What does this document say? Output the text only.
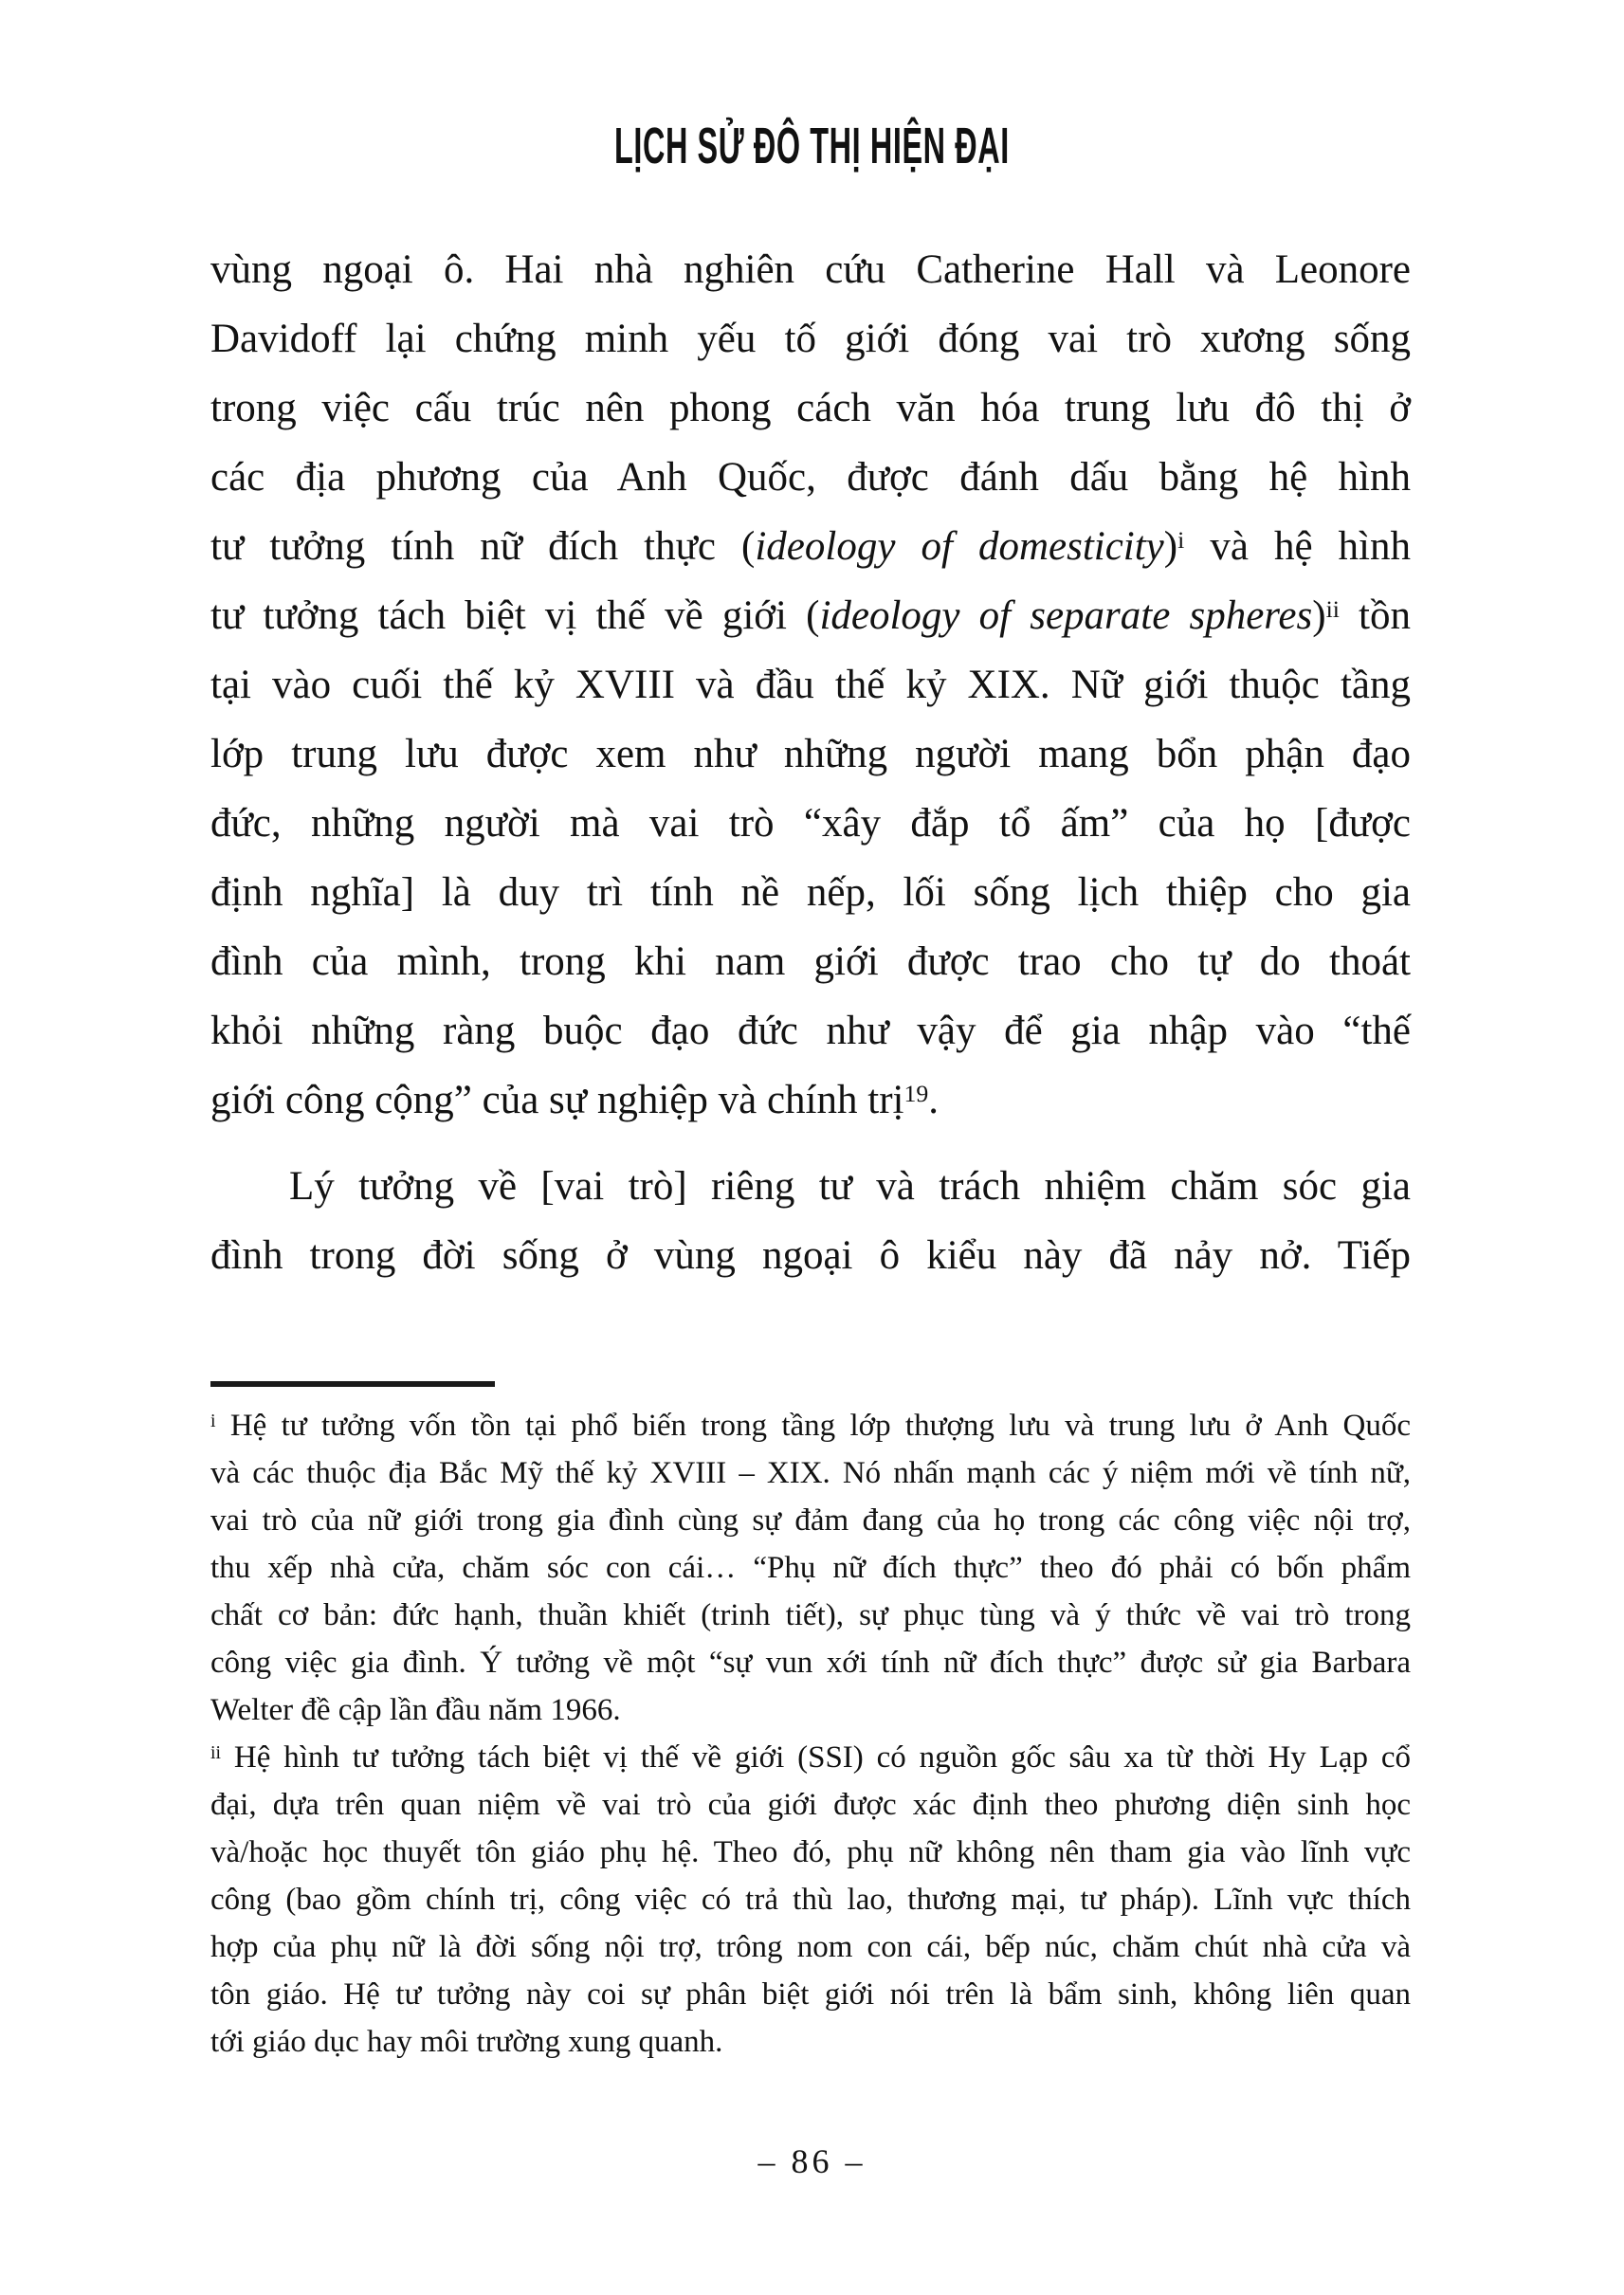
LỊCH SỬ ĐÔ THỊ HIỆN ĐẠI
vùng ngoại ô. Hai nhà nghiên cứu Catherine Hall và Leonore
Davidoff lại chứng minh yếu tố giới đóng vai trò xương sống
trong việc cấu trúc nên phong cách văn hóa trung lưu đô thị ở
các địa phương của Anh Quốc, được đánh dấu bằng hệ hình
tư tưởng tính nữ đích thực (ideology of domesticity)$^i$ và hệ hình
tư tưởng tách biệt vị thế về giới (ideology of separate spheres)$^{ii}$ tồn
tại vào cuối thế kỷ XVIII và đầu thế kỷ XIX. Nữ giới thuộc tầng
lớp trung lưu được xem như những người mang bổn phận đạo
đức, những người mà vai trò “xây đắp tổ ấm” của họ [được
định nghĩa] là duy trì tính nề nếp, lối sống lịch thiệp cho gia
đình của mình, trong khi nam giới được trao cho tự do thoát
khỏi những ràng buộc đạo đức như vậy để gia nhập vào “thế
giới công cộng” của sự nghiệp và chính trị$^{19}$.
Lý tưởng về [vai trò] riêng tư và trách nhiệm chăm sóc gia
đình trong đời sống ở vùng ngoại ô kiểu này đã nảy nở. Tiếp
$^i$ Hệ tư tưởng vốn tồn tại phổ biến trong tầng lớp thượng lưu và trung lưu ở Anh Quốc
và các thuộc địa Bắc Mỹ thế kỷ XVIII – XIX. Nó nhấn mạnh các ý niệm mới về tính nữ,
vai trò của nữ giới trong gia đình cùng sự đảm đang của họ trong các công việc nội trợ,
thu xếp nhà cửa, chăm sóc con cái… “Phụ nữ đích thực” theo đó phải có bốn phẩm
chất cơ bản: đức hạnh, thuần khiết (trinh tiết), sự phục tùng và ý thức về vai trò trong
công việc gia đình. Ý tưởng về một “sự vun xới tính nữ đích thực” được sử gia Barbara
Welter đề cập lần đầu năm 1966.
$^{ii}$ Hệ hình tư tưởng tách biệt vị thế về giới (SSI) có nguồn gốc sâu xa từ thời Hy Lạp cổ
đại, dựa trên quan niệm về vai trò của giới được xác định theo phương diện sinh học
và/hoặc học thuyết tôn giáo phụ hệ. Theo đó, phụ nữ không nên tham gia vào lĩnh vực
công (bao gồm chính trị, công việc có trả thù lao, thương mại, tư pháp). Lĩnh vực thích
hợp của phụ nữ là đời sống nội trợ, trông nom con cái, bếp núc, chăm chút nhà cửa và
tôn giáo. Hệ tư tưởng này coi sự phân biệt giới nói trên là bẩm sinh, không liên quan
tới giáo dục hay môi trường xung quanh.
– 86 –
